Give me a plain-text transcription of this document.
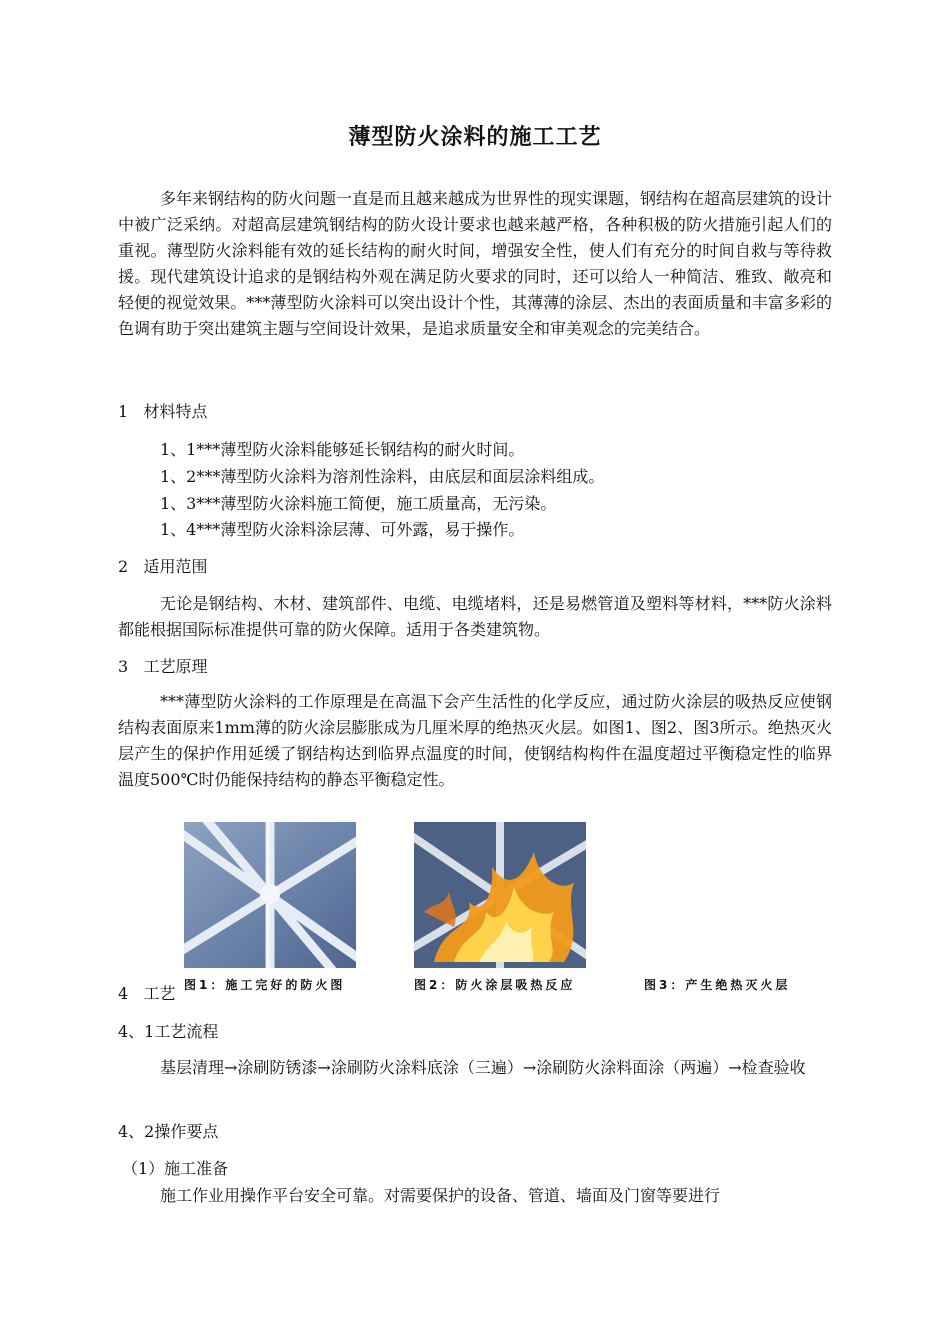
薄型防火涂料的施工工艺
多年来钢结构的防火问题一直是而且越来越成为世界性的现实课题，钢结构在超高层建筑的设计中被广泛采纳。对超高层建筑钢结构的防火设计要求也越来越严格，各种积极的防火措施引起人们的重视。薄型防火涂料能有效的延长结构的耐火时间，增强安全性，使人们有充分的时间自救与等待救援。现代建筑设计追求的是钢结构外观在满足防火要求的同时，还可以给人一种简洁、雅致、敞亮和轻便的视觉效果。***薄型防火涂料可以突出设计个性，其薄薄的涂层、杰出的表面质量和丰富多彩的色调有助于突出建筑主题与空间设计效果，是追求质量安全和审美观念的完美结合。
1   材料特点
1、1***薄型防火涂料能够延长钢结构的耐火时间。
1、2***薄型防火涂料为溶剂性涂料，由底层和面层涂料组成。
1、3***薄型防火涂料施工简便，施工质量高，无污染。
1、4***薄型防火涂料涂层薄、可外露，易于操作。
2   适用范围
无论是钢结构、木材、建筑部件、电缆、电缆堵料，还是易燃管道及塑料等材料，***防火涂料都能根据国际标准提供可靠的防火保障。适用于各类建筑物。
3   工艺原理
***薄型防火涂料的工作原理是在高温下会产生活性的化学反应，通过防火涂层的吸热反应使钢结构表面原来1mm薄的防火涂层膨胀成为几厘米厚的绝热灭火层。如图1、图2、图3所示。绝热灭火层产生的保护作用延缓了钢结构达到临界点温度的时间，使钢结构构件在温度超过平衡稳定性的临界温度500℃时仍能保持结构的静态平衡稳定性。
图1：施工完好的防火图	图2：防火涂层吸热反应	图3：产生绝热灭火层
4   工艺
4、1工艺流程
基层清理→涂刷防锈漆→涂刷防火涂料底涂（三遍）→涂刷防火涂料面涂（两遍）→检查验收
4、2操作要点
（1）施工准备
施工作业用操作平台安全可靠。对需要保护的设备、管道、墙面及门窗等要进行
